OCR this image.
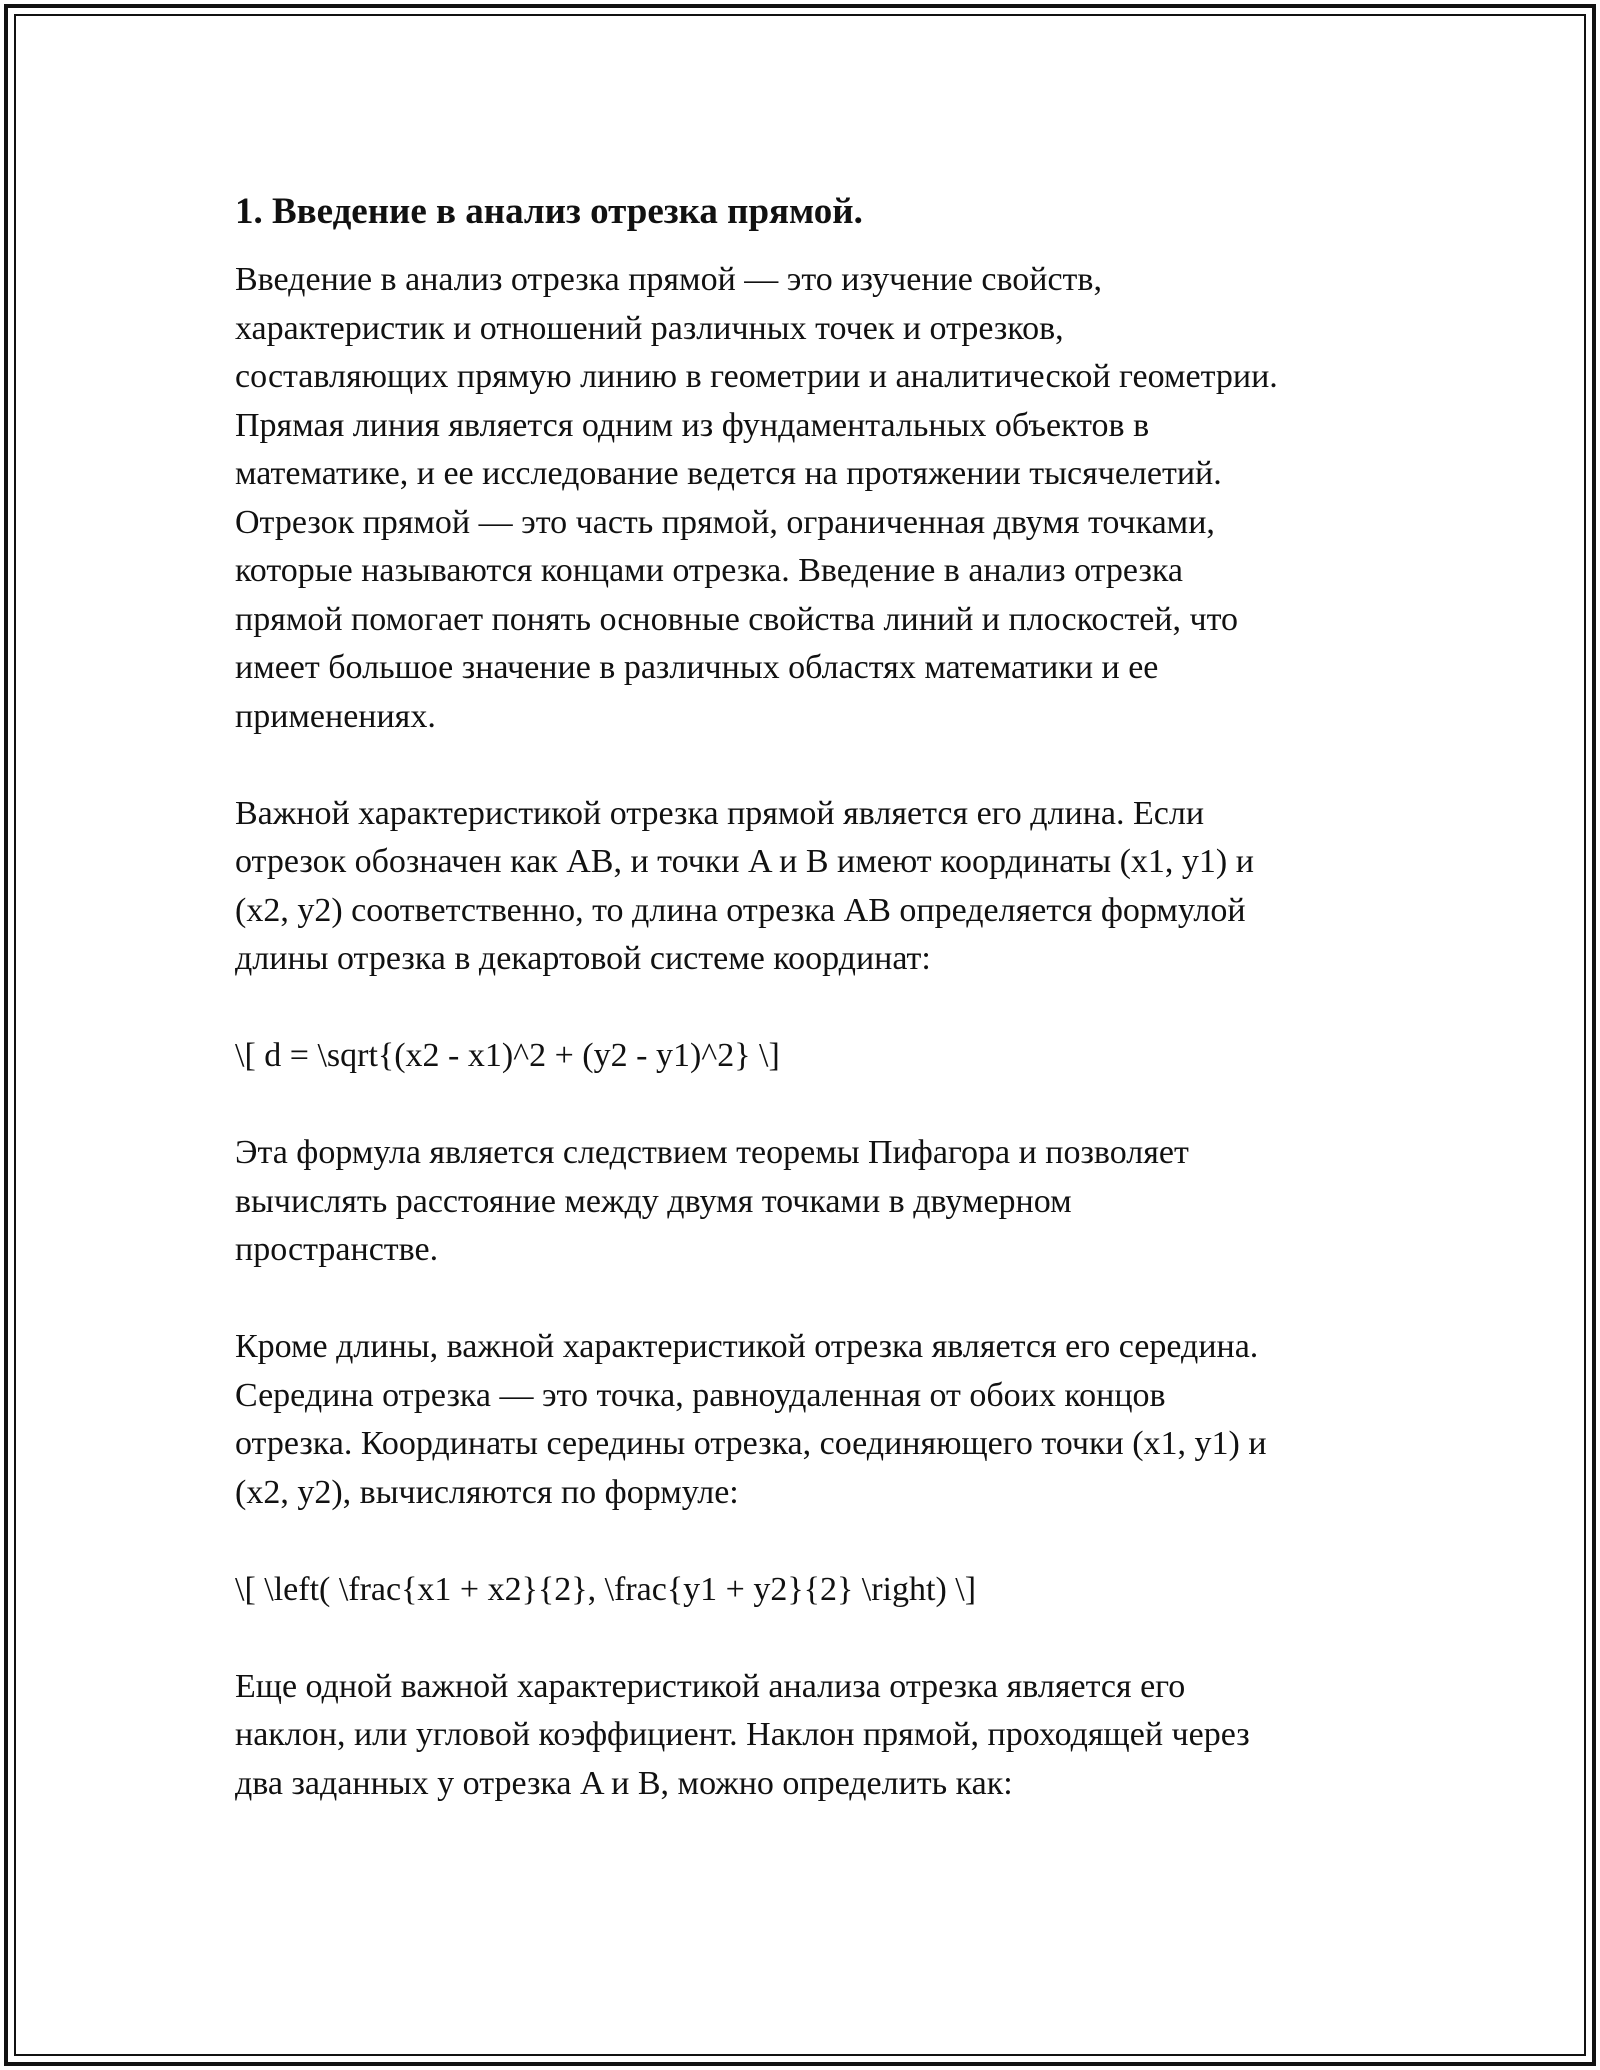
1. Введение в анализ отрезка прямой.

Введение в анализ отрезка прямой — это изучение свойств,
характеристик и отношений различных точек и отрезков,
составляющих прямую линию в геометрии и аналитической геометрии.
Прямая линия является одним из фундаментальных объектов в
математике, и ее исследование ведется на протяжении тысячелетий.
Отрезок прямой — это часть прямой, ограниченная двумя точками,
которые называются концами отрезка. Введение в анализ отрезка
прямой помогает понять основные свойства линий и плоскостей, что
имеет большое значение в различных областях математики и ее
применениях.

Важной характеристикой отрезка прямой является его длина. Если
отрезок обозначен как AB, и точки A и B имеют координаты (x1, y1) и
(x2, y2) соответственно, то длина отрезка AB определяется формулой
длины отрезка в декартовой системе координат:

\[ d = \sqrt{(x2 - x1)^2 + (y2 - y1)^2} \]

Эта формула является следствием теоремы Пифагора и позволяет
вычислять расстояние между двумя точками в двумерном
пространстве.

Кроме длины, важной характеристикой отрезка является его середина.
Середина отрезка — это точка, равноудаленная от обоих концов
отрезка. Координаты середины отрезка, соединяющего точки (x1, y1) и
(x2, y2), вычисляются по формуле:

\[ \left( \frac{x1 + x2}{2}, \frac{y1 + y2}{2} \right) \]

Еще одной важной характеристикой анализа отрезка является его
наклон, или угловой коэффициент. Наклон прямой, проходящей через
два заданных у отрезка A и B, можно определить как:
